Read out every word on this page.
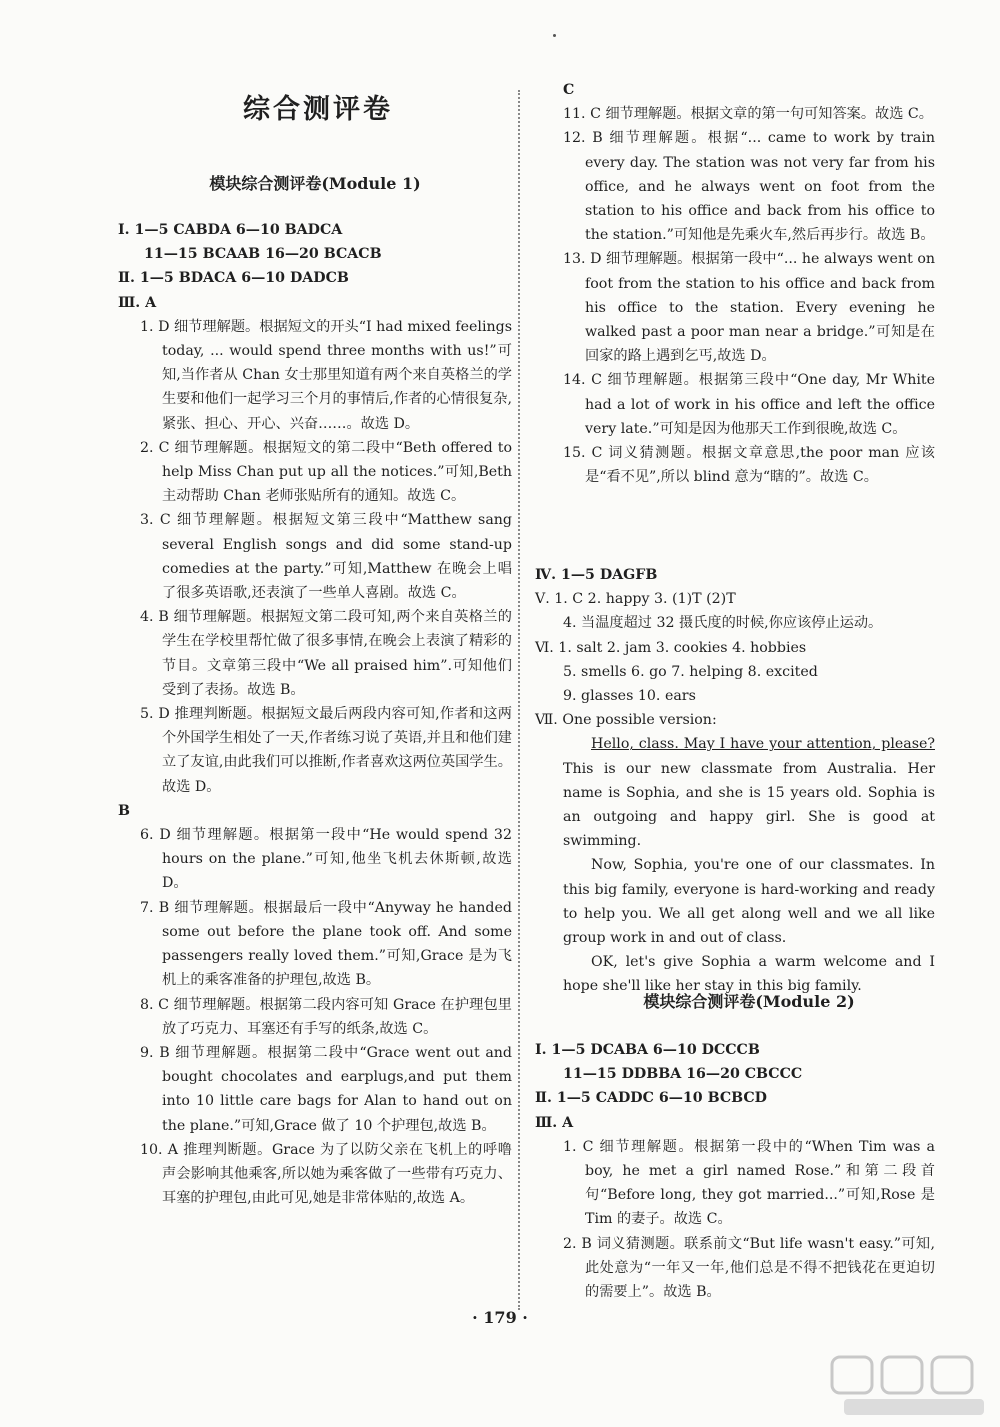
综合测评卷
模块综合测评卷(Module 1)

Ⅰ. 1—5 CABDA 6—10 BADCA

11—15 BCAAB 16—20 BCACB

Ⅱ. 1—5 BDACA 6—10 DADCB

Ⅲ. A

1. D 细节理解题。根据短文的开头“I had mixed feelings today, ... would spend three months with us!”可知,当作者从 Chan 女士那里知道有两个来自英格兰的学生要和他们一起学习三个月的事情后,作者的心情很复杂,紧张、担心、开心、兴奋……。故选 D。

2. C 细节理解题。根据短文的第二段中“Beth offered to help Miss Chan put up all the notices.”可知,Beth 主动帮助 Chan 老师张贴所有的通知。故选 C。

3. C 细节理解题。根据短文第三段中“Matthew sang several English songs and did some stand-up comedies at the party.”可知,Matthew 在晚会上唱了很多英语歌,还表演了一些单人喜剧。故选 C。

4. B 细节理解题。根据短文第二段可知,两个来自英格兰的学生在学校里帮忙做了很多事情,在晚会上表演了精彩的节目。文章第三段中“We all praised him”.可知他们受到了表扬。故选 B。

5. D 推理判断题。根据短文最后两段内容可知,作者和这两个外国学生相处了一天,作者练习说了英语,并且和他们建立了友谊,由此我们可以推断,作者喜欢这两位英国学生。故选 D。

B

6. D 细节理解题。根据第一段中“He would spend 32 hours on the plane.”可知,他坐飞机去休斯顿,故选 D。

7. B 细节理解题。根据最后一段中“Anyway he handed some out before the plane took off. And some passengers really loved them.”可知,Grace 是为飞机上的乘客准备的护理包,故选 B。

8. C 细节理解题。根据第二段内容可知 Grace 在护理包里放了巧克力、耳塞还有手写的纸条,故选 C。

9. B 细节理解题。根据第二段中“Grace went out and bought chocolates and earplugs,and put them into 10 little care bags for Alan to hand out on the plane.”可知,Grace 做了 10 个护理包,故选 B。

10. A 推理判断题。Grace 为了以防父亲在飞机上的呼噜声会影响其他乘客,所以她为乘客做了一些带有巧克力、耳塞的护理包,由此可见,她是非常体贴的,故选 A。

C

11. C 细节理解题。根据文章的第一句可知答案。故选 C。

12. B 细节理解题。根据“... came to work by train every day. The station was not very far from his office, and he always went on foot from the station to his office and back from his office to the station.”可知他是先乘火车,然后再步行。故选 B。

13. D 细节理解题。根据第一段中“... he always went on foot from the station to his office and back from his office to the station. Every evening he walked past a poor man near a bridge.”可知是在回家的路上遇到乞丐,故选 D。

14. C 细节理解题。根据第三段中“One day, Mr White had a lot of work in his office and left the office very late.”可知是因为他那天工作到很晚,故选 C。

15. C 词义猜测题。根据文章意思,the poor man 应该是“看不见”,所以 blind 意为“瞎的”。故选 C。

Ⅳ. 1—5 DAGFB

Ⅴ. 1. C 2. happy 3. (1)T (2)T

4. 当温度超过 32 摄氏度的时候,你应该停止运动。

Ⅵ. 1. salt 2. jam 3. cookies 4. hobbies

5. smells 6. go 7. helping 8. excited

9. glasses 10. ears

Ⅶ. One possible version:

Hello, class. May I have your attention, please? This is our new classmate from Australia. Her name is Sophia, and she is 15 years old. Sophia is an outgoing and happy girl. She is good at swimming.

Now, Sophia, you're one of our classmates. In this big family, everyone is hard-working and ready to help you. We all get along well and we all like group work in and out of class.

OK, let's give Sophia a warm welcome and I hope she'll like her stay in this big family.

模块综合测评卷(Module 2)

Ⅰ. 1—5 DCABA 6—10 DCCCB

11—15 DDBBA 16—20 CBCCC

Ⅱ. 1—5 CADDC 6—10 BCBCD

Ⅲ. A

1. C 细节理解题。根据第一段中的“When Tim was a boy, he met a girl named Rose.”和第二段首句“Before long, they got married...”可知,Rose 是 Tim 的妻子。故选 C。

2. B 词义猜测题。联系前文“But life wasn't easy.”可知,此处意为“一年又一年,他们总是不得不把钱花在更迫切的需要上”。故选 B。

· 179 ·
